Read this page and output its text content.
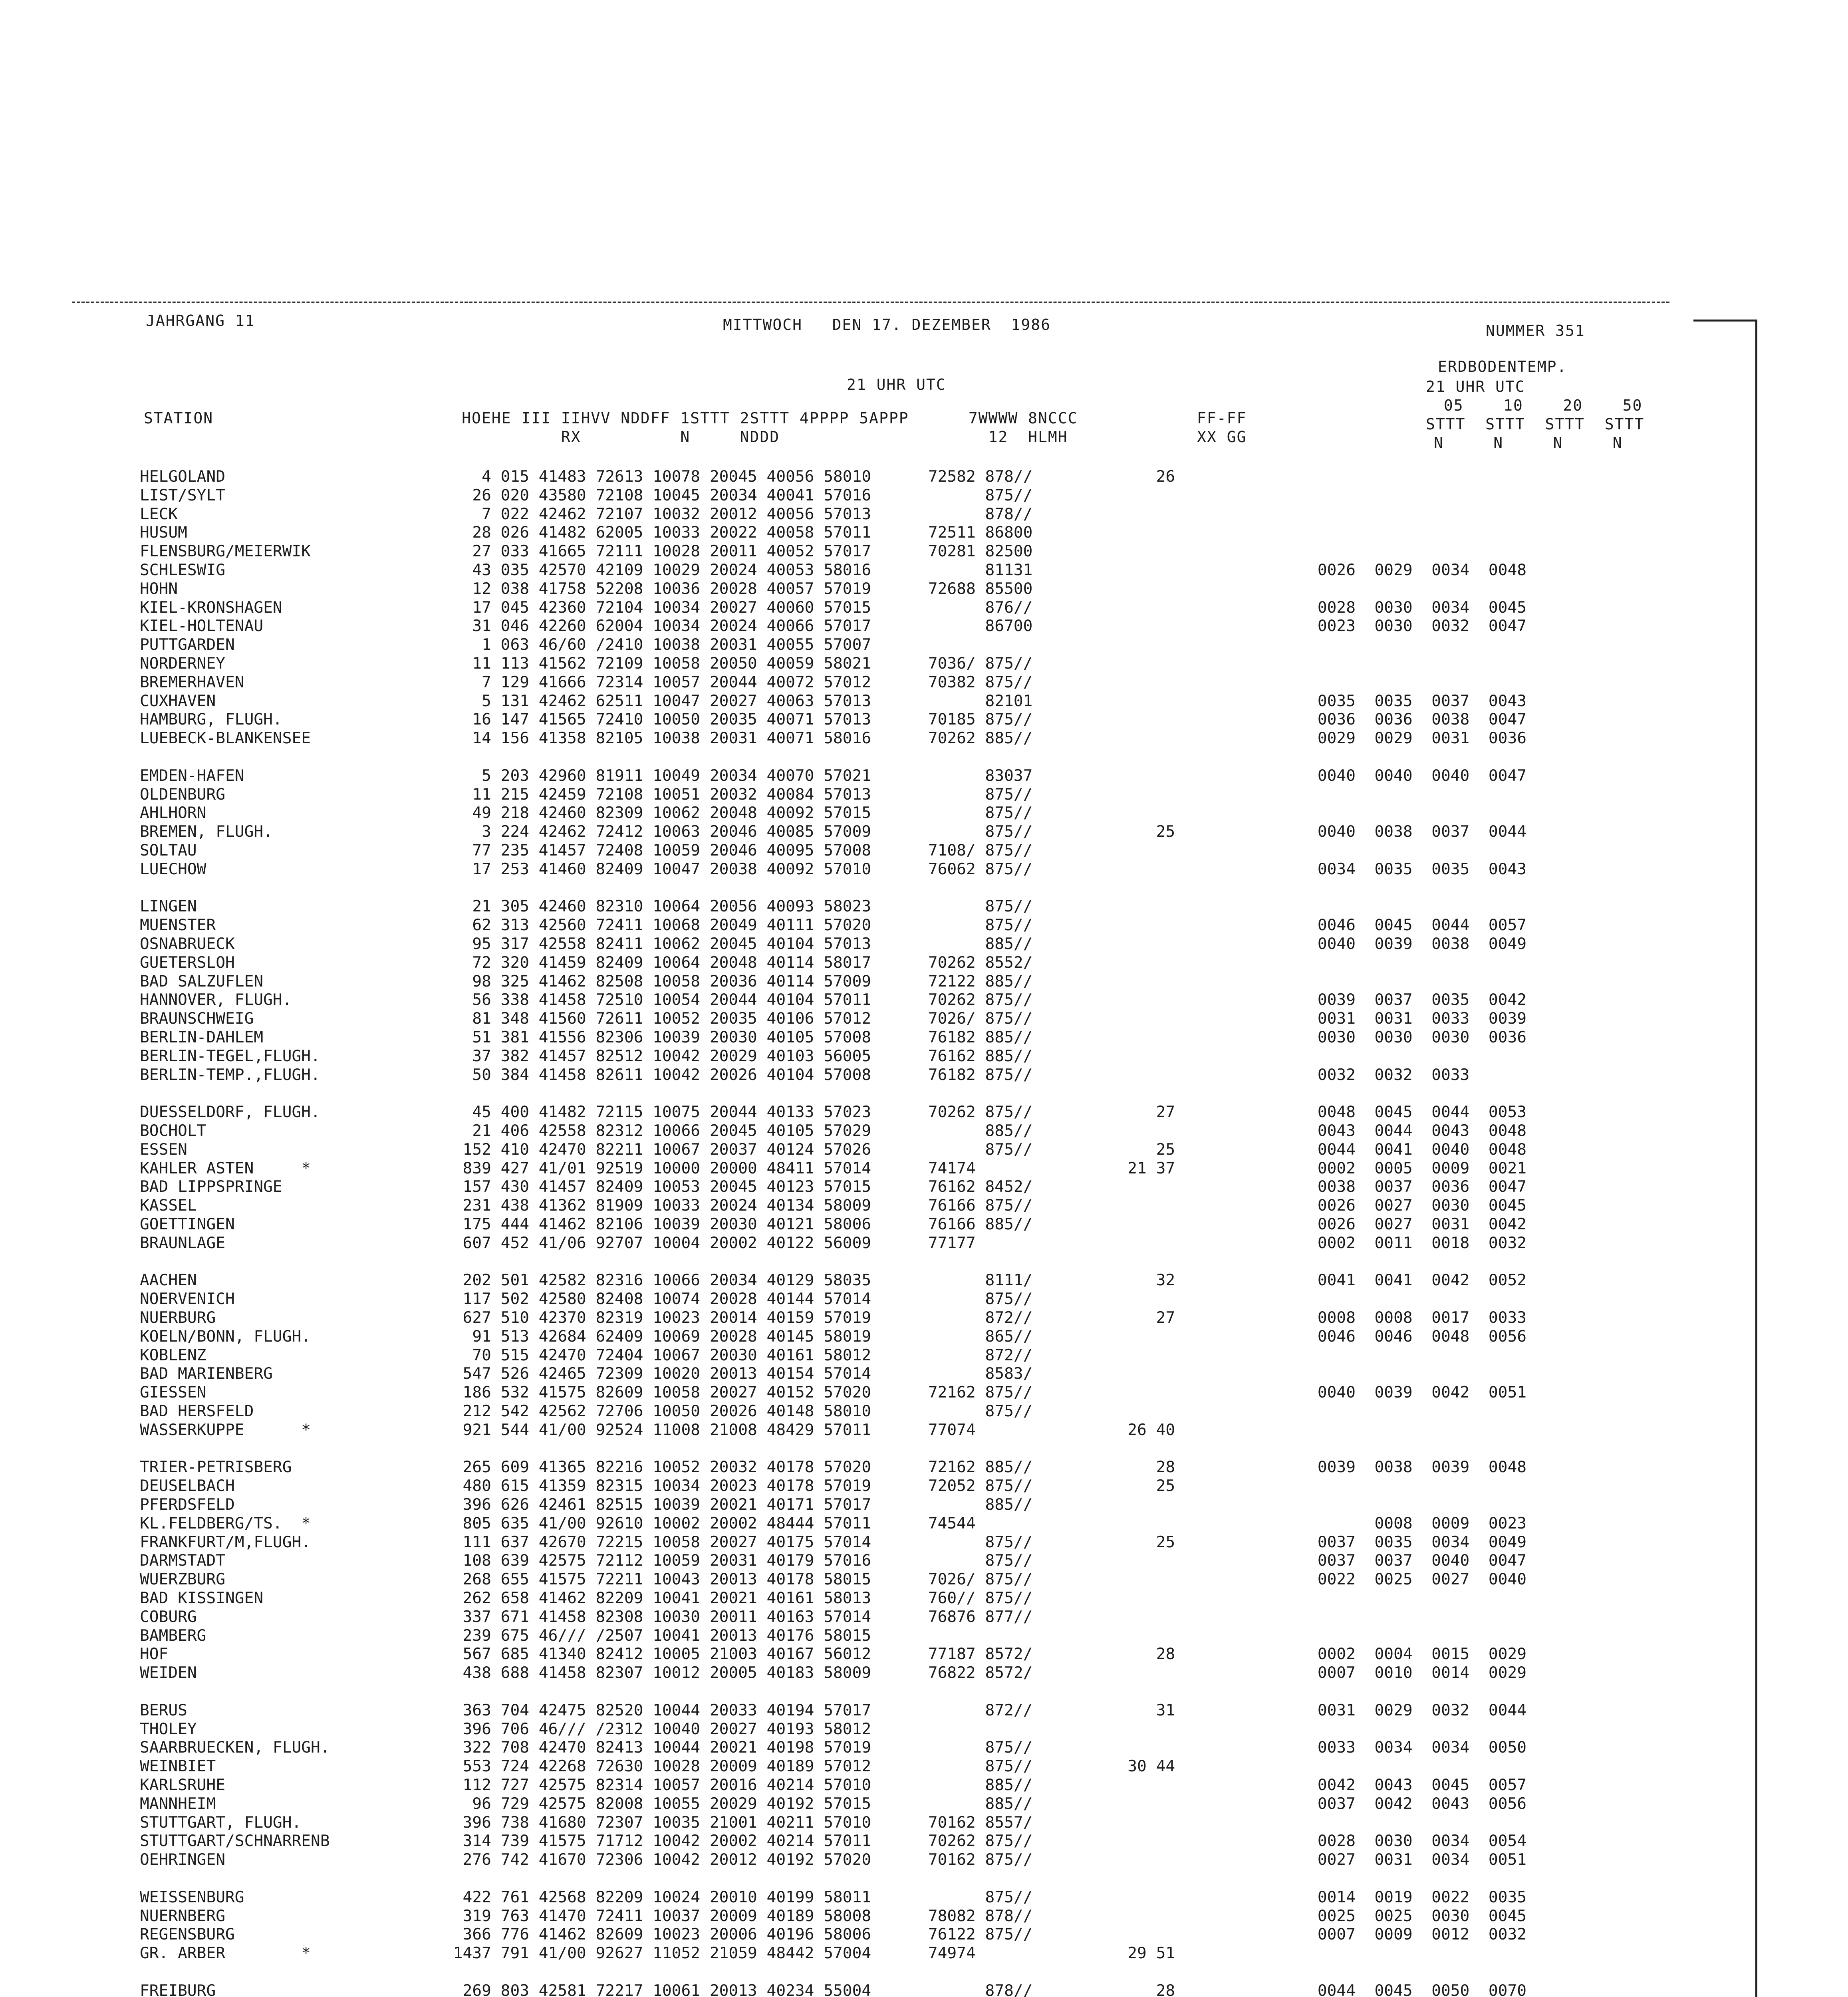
JAHRGANG 11	MITTWOCH   DEN 17. DEZEMBER  1986	NUMMER 351
21 UHR UTC
ERDBODENTEMP.
21 UHR UTC
05    10    20    50
STTT  STTT  STTT  STTT
N     N     N     N
STATION                         HOEHE III IIHVV NDDFF 1STTT 2STTT 4PPPP 5APPP      7WWWW 8NCCC            FF-FF
RX          N     NDDD                     12  HLMH             XX GG
HELGOLAND                           4 015 41483 72613 10078 20045 40056 58010      72582 878//             26
LIST/SYLT                          26 020 43580 72108 10045 20034 40041 57016            875//
LECK                                7 022 42462 72107 10032 20012 40056 57013            878//
HUSUM                              28 026 41482 62005 10033 20022 40058 57011      72511 86800
FLENSBURG/MEIERWIK                 27 033 41665 72111 10028 20011 40052 57017      70281 82500
SCHLESWIG                          43 035 42570 42109 10029 20024 40053 58016            81131                              0026  0029  0034  0048
HOHN                               12 038 41758 52208 10036 20028 40057 57019      72688 85500
KIEL-KRONSHAGEN                    17 045 42360 72104 10034 20027 40060 57015            876//                              0028  0030  0034  0045
KIEL-HOLTENAU                      31 046 42260 62004 10034 20024 40066 57017            86700                              0023  0030  0032  0047
PUTTGARDEN                          1 063 46/60 /2410 10038 20031 40055 57007
NORDERNEY                          11 113 41562 72109 10058 20050 40059 58021      7036/ 875//
BREMERHAVEN                         7 129 41666 72314 10057 20044 40072 57012      70382 875//
CUXHAVEN                            5 131 42462 62511 10047 20027 40063 57013            82101                              0035  0035  0037  0043
HAMBURG, FLUGH.                    16 147 41565 72410 10050 20035 40071 57013      70185 875//                              0036  0036  0038  0047
LUEBECK-BLANKENSEE                 14 156 41358 82105 10038 20031 40071 58016      70262 885//                              0029  0029  0031  0036
EMDEN-HAFEN                         5 203 42960 81911 10049 20034 40070 57021            83037                              0040  0040  0040  0047
OLDENBURG                          11 215 42459 72108 10051 20032 40084 57013            875//
AHLHORN                            49 218 42460 82309 10062 20048 40092 57015            875//
BREMEN, FLUGH.                      3 224 42462 72412 10063 20046 40085 57009            875//             25               0040  0038  0037  0044
SOLTAU                             77 235 41457 72408 10059 20046 40095 57008      7108/ 875//
LUECHOW                            17 253 41460 82409 10047 20038 40092 57010      76062 875//                              0034  0035  0035  0043
LINGEN                             21 305 42460 82310 10064 20056 40093 58023            875//
MUENSTER                           62 313 42560 72411 10068 20049 40111 57020            875//                              0046  0045  0044  0057
OSNABRUECK                         95 317 42558 82411 10062 20045 40104 57013            885//                              0040  0039  0038  0049
GUETERSLOH                         72 320 41459 82409 10064 20048 40114 58017      70262 8552/
BAD SALZUFLEN                      98 325 41462 82508 10058 20036 40114 57009      72122 885//
HANNOVER, FLUGH.                   56 338 41458 72510 10054 20044 40104 57011      70262 875//                              0039  0037  0035  0042
BRAUNSCHWEIG                       81 348 41560 72611 10052 20035 40106 57012      7026/ 875//                              0031  0031  0033  0039
BERLIN-DAHLEM                      51 381 41556 82306 10039 20030 40105 57008      76182 885//                              0030  0030  0030  0036
BERLIN-TEGEL,FLUGH.                37 382 41457 82512 10042 20029 40103 56005      76162 885//
BERLIN-TEMP.,FLUGH.                50 384 41458 82611 10042 20026 40104 57008      76182 875//                              0032  0032  0033
DUESSELDORF, FLUGH.                45 400 41482 72115 10075 20044 40133 57023      70262 875//             27               0048  0045  0044  0053
BOCHOLT                            21 406 42558 82312 10066 20045 40105 57029            885//                              0043  0044  0043  0048
ESSEN                             152 410 42470 82211 10067 20037 40124 57026            875//             25               0044  0041  0040  0048
KAHLER ASTEN     *                839 427 41/01 92519 10000 20000 48411 57014      74174                21 37               0002  0005  0009  0021
BAD LIPPSPRINGE                   157 430 41457 82409 10053 20045 40123 57015      76162 8452/                              0038  0037  0036  0047
KASSEL                            231 438 41362 81909 10033 20024 40134 58009      76166 875//                              0026  0027  0030  0045
GOETTINGEN                        175 444 41462 82106 10039 20030 40121 58006      76166 885//                              0026  0027  0031  0042
BRAUNLAGE                         607 452 41/06 92707 10004 20002 40122 56009      77177                                    0002  0011  0018  0032
AACHEN                            202 501 42582 82316 10066 20034 40129 58035            8111/             32               0041  0041  0042  0052
NOERVENICH                        117 502 42580 82408 10074 20028 40144 57014            875//
NUERBURG                          627 510 42370 82319 10023 20014 40159 57019            872//             27               0008  0008  0017  0033
KOELN/BONN, FLUGH.                 91 513 42684 62409 10069 20028 40145 58019            865//                              0046  0046  0048  0056
KOBLENZ                            70 515 42470 72404 10067 20030 40161 58012            872//
BAD MARIENBERG                    547 526 42465 72309 10020 20013 40154 57014            8583/
GIESSEN                           186 532 41575 82609 10058 20027 40152 57020      72162 875//                              0040  0039  0042  0051
BAD HERSFELD                      212 542 42562 72706 10050 20026 40148 58010            875//
WASSERKUPPE      *                921 544 41/00 92524 11008 21008 48429 57011      77074                26 40
TRIER-PETRISBERG                  265 609 41365 82216 10052 20032 40178 57020      72162 885//             28               0039  0038  0039  0048
DEUSELBACH                        480 615 41359 82315 10034 20023 40178 57019      72052 875//             25
PFERDSFELD                        396 626 42461 82515 10039 20021 40171 57017            885//
KL.FELDBERG/TS.  *                805 635 41/00 92610 10002 20002 48444 57011      74544                                          0008  0009  0023
FRANKFURT/M,FLUGH.                111 637 42670 72215 10058 20027 40175 57014            875//             25               0037  0035  0034  0049
DARMSTADT                         108 639 42575 72112 10059 20031 40179 57016            875//                              0037  0037  0040  0047
WUERZBURG                         268 655 41575 72211 10043 20013 40178 58015      7026/ 875//                              0022  0025  0027  0040
BAD KISSINGEN                     262 658 41462 82209 10041 20021 40161 58013      760// 875//
COBURG                            337 671 41458 82308 10030 20011 40163 57014      76876 877//
BAMBERG                           239 675 46/// /2507 10041 20013 40176 58015
HOF                               567 685 41340 82412 10005 21003 40167 56012      77187 8572/             28               0002  0004  0015  0029
WEIDEN                            438 688 41458 82307 10012 20005 40183 58009      76822 8572/                              0007  0010  0014  0029
BERUS                             363 704 42475 82520 10044 20033 40194 57017            872//             31               0031  0029  0032  0044
THOLEY                            396 706 46/// /2312 10040 20027 40193 58012
SAARBRUECKEN, FLUGH.              322 708 42470 82413 10044 20021 40198 57019            875//                              0033  0034  0034  0050
WEINBIET                          553 724 42268 72630 10028 20009 40189 57012            875//          30 44
KARLSRUHE                         112 727 42575 82314 10057 20016 40214 57010            885//                              0042  0043  0045  0057
MANNHEIM                           96 729 42575 82008 10055 20029 40192 57015            885//                              0037  0042  0043  0056
STUTTGART, FLUGH.                 396 738 41680 72307 10035 21001 40211 57010      70162 8557/
STUTTGART/SCHNARRENB              314 739 41575 71712 10042 20002 40214 57011      70262 875//                              0028  0030  0034  0054
OEHRINGEN                         276 742 41670 72306 10042 20012 40192 57020      70162 875//                              0027  0031  0034  0051
WEISSENBURG                       422 761 42568 82209 10024 20010 40199 58011            875//                              0014  0019  0022  0035
NUERNBERG                         319 763 41470 72411 10037 20009 40189 58008      78082 878//                              0025  0025  0030  0045
REGENSBURG                        366 776 41462 82609 10023 20006 40196 58006      76122 875//                              0007  0009  0012  0032
GR. ARBER        *               1437 791 41/00 92627 11052 21059 48442 57004      74974                29 51
FREIBURG                          269 803 42581 72217 10061 20013 40234 55004            878//             28               0044  0045  0050  0070
